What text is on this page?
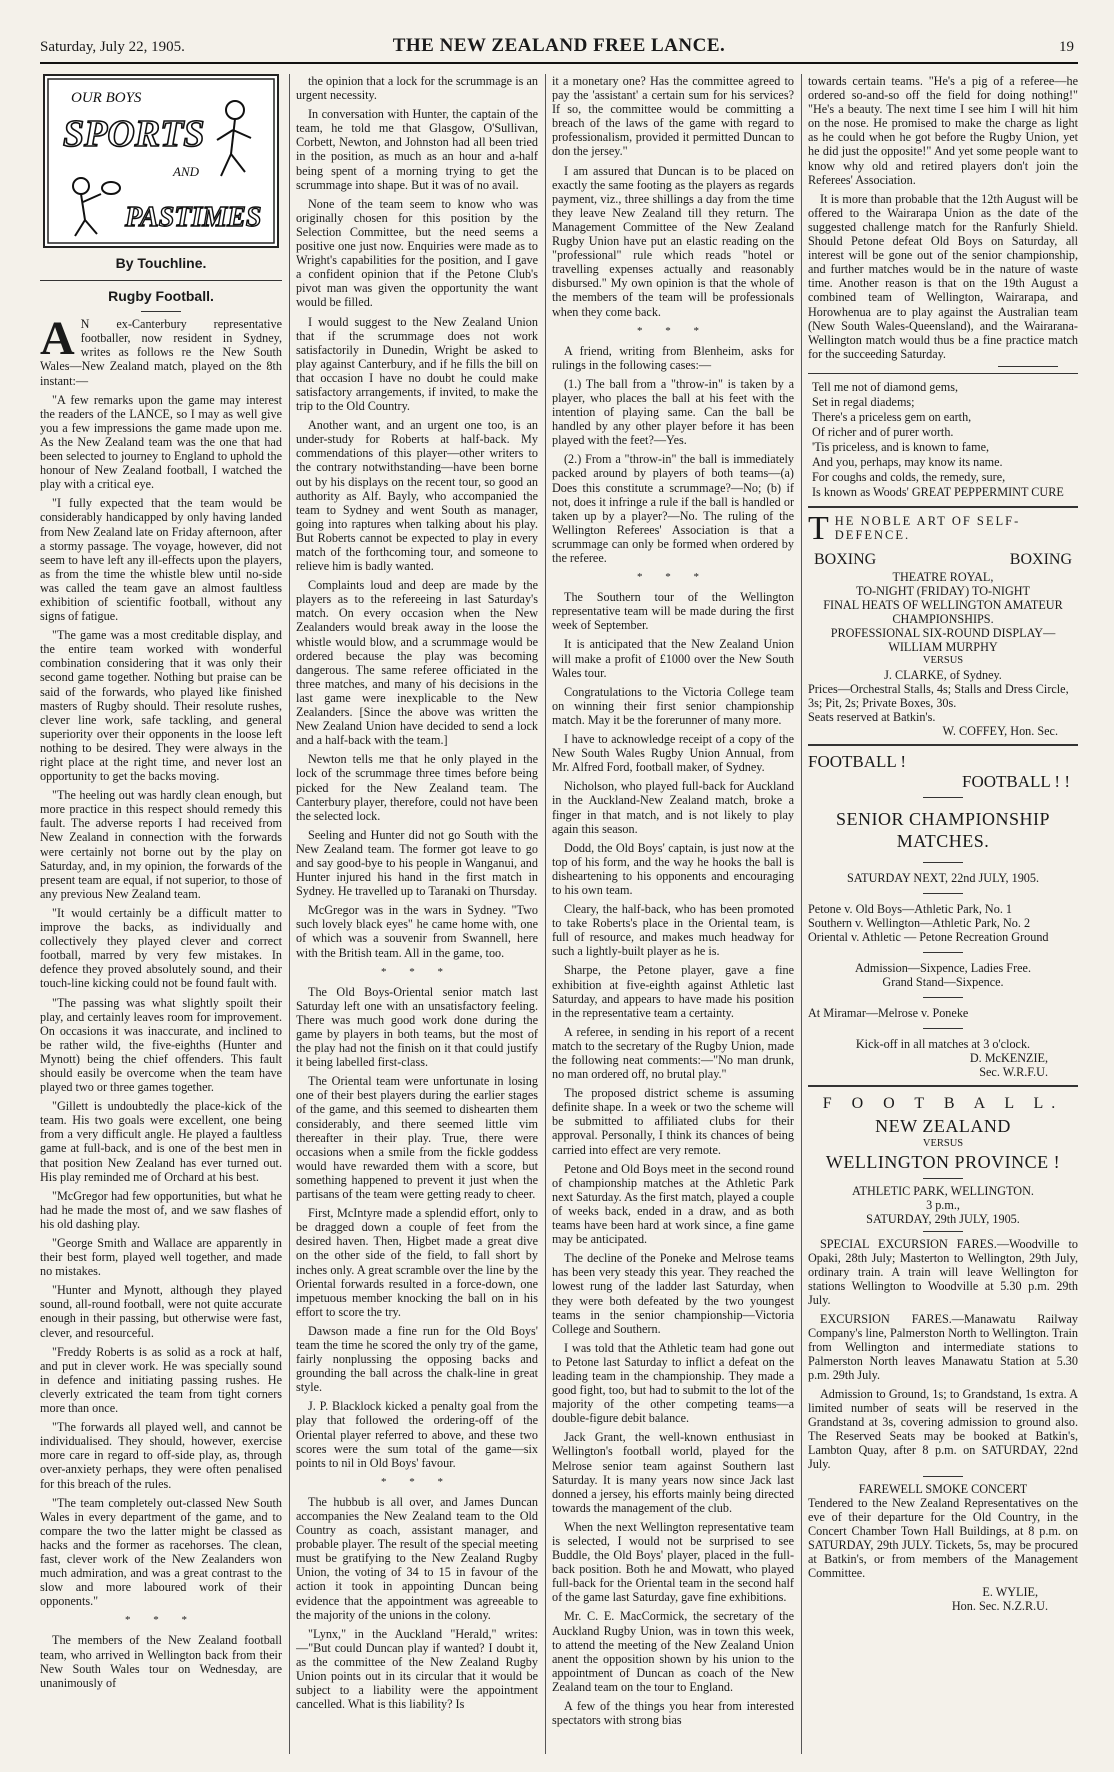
Saturday, July 22, 1905.	THE NEW ZEALAND FREE LANCE.	19
OUR BOYS
SPORTS
AND
PASTIMES
By Touchline.
Rugby Football.

A N ex-Canterbury representative footballer, now resident in Sydney, writes as follows re the New South Wales—New Zealand match, played on the 8th instant:—

"A few remarks upon the game may interest the readers of the LANCE, so I may as well give you a few impressions the game made upon me. As the New Zealand team was the one that had been selected to journey to England to uphold the honour of New Zealand football, I watched the play with a critical eye.

"I fully expected that the team would be considerably handicapped by only having landed from New Zealand late on Friday afternoon, after a stormy passage. The voyage, however, did not seem to have left any ill-effects upon the players, as from the time the whistle blew until no-side was called the team gave an almost faultless exhibition of scientific football, without any signs of fatigue.

"The game was a most creditable display, and the entire team worked with wonderful combination considering that it was only their second game together. Nothing but praise can be said of the forwards, who played like finished masters of Rugby should. Their resolute rushes, clever line work, safe tackling, and general superiority over their opponents in the loose left nothing to be desired. They were always in the right place at the right time, and never lost an opportunity to get the backs moving.

"The heeling out was hardly clean enough, but more practice in this respect should remedy this fault. The adverse reports I had received from New Zealand in connection with the forwards were certainly not borne out by the play on Saturday, and, in my opinion, the forwards of the present team are equal, if not superior, to those of any previous New Zealand team.

"It would certainly be a difficult matter to improve the backs, as individually and collectively they played clever and correct football, marred by very few mistakes. In defence they proved absolutely sound, and their touch-line kicking could not be found fault with.

"The passing was what slightly spoilt their play, and certainly leaves room for improvement. On occasions it was inaccurate, and inclined to be rather wild, the five-eighths (Hunter and Mynott) being the chief offenders. This fault should easily be overcome when the team have played two or three games together.

"Gillett is undoubtedly the place-kick of the team. His two goals were excellent, one being from a very difficult angle. He played a faultless game at full-back, and is one of the best men in that position New Zealand has ever turned out. His play reminded me of Orchard at his best.

"McGregor had few opportunities, but what he had he made the most of, and we saw flashes of his old dashing play.

"George Smith and Wallace are apparently in their best form, played well together, and made no mistakes.

"Hunter and Mynott, although they played sound, all-round football, were not quite accurate enough in their passing, but otherwise were fast, clever, and resourceful.

"Freddy Roberts is as solid as a rock at half, and put in clever work. He was specially sound in defence and initiating passing rushes. He cleverly extricated the team from tight corners more than once.

"The forwards all played well, and cannot be individualised. They should, however, exercise more care in regard to off-side play, as, through over-anxiety perhaps, they were often penalised for this breach of the rules.

"The team completely out-classed New South Wales in every department of the game, and to compare the two the latter might be classed as hacks and the former as racehorses. The clean, fast, clever work of the New Zealanders won much admiration, and was a great contrast to the slow and more laboured work of their opponents."

* * *

The members of the New Zealand football team, who arrived in Wellington back from their New South Wales tour on Wednesday, are unanimously of

the opinion that a lock for the scrummage is an urgent necessity.

In conversation with Hunter, the captain of the team, he told me that Glasgow, O'Sullivan, Corbett, Newton, and Johnston had all been tried in the position, as much as an hour and a-half being spent of a morning trying to get the scrummage into shape. But it was of no avail.

None of the team seem to know who was originally chosen for this position by the Selection Committee, but the need seems a positive one just now. Enquiries were made as to Wright's capabilities for the position, and I gave a confident opinion that if the Petone Club's pivot man was given the opportunity the want would be filled.

I would suggest to the New Zealand Union that if the scrummage does not work satisfactorily in Dunedin, Wright be asked to play against Canterbury, and if he fills the bill on that occasion I have no doubt he could make satisfactory arrangements, if invited, to make the trip to the Old Country.

Another want, and an urgent one too, is an under-study for Roberts at half-back. My commendations of this player—other writers to the contrary notwithstanding—have been borne out by his displays on the recent tour, so good an authority as Alf. Bayly, who accompanied the team to Sydney and went South as manager, going into raptures when talking about his play. But Roberts cannot be expected to play in every match of the forthcoming tour, and someone to relieve him is badly wanted.

Complaints loud and deep are made by the players as to the refereeing in last Saturday's match. On every occasion when the New Zealanders would break away in the loose the whistle would blow, and a scrummage would be ordered because the play was becoming dangerous. The same referee officiated in the three matches, and many of his decisions in the last game were inexplicable to the New Zealanders. [Since the above was written the New Zealand Union have decided to send a lock and a half-back with the team.]

Newton tells me that he only played in the lock of the scrummage three times before being picked for the New Zealand team. The Canterbury player, therefore, could not have been the selected lock.

Seeling and Hunter did not go South with the New Zealand team. The former got leave to go and say good-bye to his people in Wanganui, and Hunter injured his hand in the first match in Sydney. He travelled up to Taranaki on Thursday.

McGregor was in the wars in Sydney. "Two such lovely black eyes" he came home with, one of which was a souvenir from Swannell, here with the British team. All in the game, too.

* * *

The Old Boys-Oriental senior match last Saturday left one with an unsatisfactory feeling. There was much good work done during the game by players in both teams, but the most of the play had not the finish on it that could justify it being labelled first-class.

The Oriental team were unfortunate in losing one of their best players during the earlier stages of the game, and this seemed to dishearten them considerably, and there seemed little vim thereafter in their play. True, there were occasions when a smile from the fickle goddess would have rewarded them with a score, but something happened to prevent it just when the partisans of the team were getting ready to cheer.

First, McIntyre made a splendid effort, only to be dragged down a couple of feet from the desired haven. Then, Higbet made a great dive on the other side of the field, to fall short by inches only. A great scramble over the line by the Oriental forwards resulted in a force-down, one impetuous member knocking the ball on in his effort to score the try.

Dawson made a fine run for the Old Boys' team the time he scored the only try of the game, fairly nonplussing the opposing backs and grounding the ball across the chalk-line in great style.

J. P. Blacklock kicked a penalty goal from the play that followed the ordering-off of the Oriental player referred to above, and these two scores were the sum total of the game—six points to nil in Old Boys' favour.

* * *

The hubbub is all over, and James Duncan accompanies the New Zealand team to the Old Country as coach, assistant manager, and probable player. The result of the special meeting must be gratifying to the New Zealand Rugby Union, the voting of 34 to 15 in favour of the action it took in appointing Duncan being evidence that the appointment was agreeable to the majority of the unions in the colony.

"Lynx," in the Auckland "Herald," writes:—"But could Duncan play if wanted? I doubt it, as the committee of the New Zealand Rugby Union points out in its circular that it would be subject to a liability were the appointment cancelled. What is this liability? Is

it a monetary one? Has the committee agreed to pay the 'assistant' a certain sum for his services? If so, the committee would be committing a breach of the laws of the game with regard to professionalism, provided it permitted Duncan to don the jersey."

I am assured that Duncan is to be placed on exactly the same footing as the players as regards payment, viz., three shillings a day from the time they leave New Zealand till they return. The Management Committee of the New Zealand Rugby Union have put an elastic reading on the "professional" rule which reads "hotel or travelling expenses actually and reasonably disbursed." My own opinion is that the whole of the members of the team will be professionals when they come back.

* * *

A friend, writing from Blenheim, asks for rulings in the following cases:—

(1.) The ball from a "throw-in" is taken by a player, who places the ball at his feet with the intention of playing same. Can the ball be handled by any other player before it has been played with the feet?—Yes.

(2.) From a "throw-in" the ball is immediately packed around by players of both teams—(a) Does this constitute a scrummage?—No; (b) if not, does it infringe a rule if the ball is handled or taken up by a player?—No. The ruling of the Wellington Referees' Association is that a scrummage can only be formed when ordered by the referee.

* * *

The Southern tour of the Wellington representative team will be made during the first week of September.

It is anticipated that the New Zealand Union will make a profit of £1000 over the New South Wales tour.

Congratulations to the Victoria College team on winning their first senior championship match. May it be the forerunner of many more.

I have to acknowledge receipt of a copy of the New South Wales Rugby Union Annual, from Mr. Alfred Ford, football maker, of Sydney.

Nicholson, who played full-back for Auckland in the Auckland-New Zealand match, broke a finger in that match, and is not likely to play again this season.

Dodd, the Old Boys' captain, is just now at the top of his form, and the way he hooks the ball is disheartening to his opponents and encouraging to his own team.

Cleary, the half-back, who has been promoted to take Roberts's place in the Oriental team, is full of resource, and makes much headway for such a lightly-built player as he is.

Sharpe, the Petone player, gave a fine exhibition at five-eighth against Athletic last Saturday, and appears to have made his position in the representative team a certainty.

A referee, in sending in his report of a recent match to the secretary of the Rugby Union, made the following neat comments:—"No man drunk, no man ordered off, no brutal play."

The proposed district scheme is assuming definite shape. In a week or two the scheme will be submitted to affiliated clubs for their approval. Personally, I think its chances of being carried into effect are very remote.

Petone and Old Boys meet in the second round of championship matches at the Athletic Park next Saturday. As the first match, played a couple of weeks back, ended in a draw, and as both teams have been hard at work since, a fine game may be anticipated.

The decline of the Poneke and Melrose teams has been very steady this year. They reached the lowest rung of the ladder last Saturday, when they were both defeated by the two youngest teams in the senior championship—Victoria College and Southern.

I was told that the Athletic team had gone out to Petone last Saturday to inflict a defeat on the leading team in the championship. They made a good fight, too, but had to submit to the lot of the majority of the other competing teams—a double-figure debit balance.

Jack Grant, the well-known enthusiast in Wellington's football world, played for the Melrose senior team against Southern last Saturday. It is many years now since Jack last donned a jersey, his efforts mainly being directed towards the management of the club.

When the next Wellington representative team is selected, I would not be surprised to see Buddle, the Old Boys' player, placed in the full-back position. Both he and Mowatt, who played full-back for the Oriental team in the second half of the game last Saturday, gave fine exhibitions.

Mr. C. E. MacCormick, the secretary of the Auckland Rugby Union, was in town this week, to attend the meeting of the New Zealand Union anent the opposition shown by his union to the appointment of Duncan as coach of the New Zealand team on the tour to England.

A few of the things you hear from interested spectators with strong bias

towards certain teams. "He's a pig of a referee—he ordered so-and-so off the field for doing nothing!" "He's a beauty. The next time I see him I will hit him on the nose. He promised to make the charge as light as he could when he got before the Rugby Union, yet he did just the opposite!" And yet some people want to know why old and retired players don't join the Referees' Association.

It is more than probable that the 12th August will be offered to the Wairarapa Union as the date of the suggested challenge match for the Ranfurly Shield. Should Petone defeat Old Boys on Saturday, all interest will be gone out of the senior championship, and further matches would be in the nature of waste time. Another reason is that on the 19th August a combined team of Wellington, Wairarapa, and Horowhenua are to play against the Australian team (New South Wales-Queensland), and the Wairarana-Wellington match would thus be a fine practice match for the succeeding Saturday.

Tell me not of diamond gems,
Set in regal diadems;
There's a priceless gem on earth,
Of richer and of purer worth.
'Tis priceless, and is known to fame,
And you, perhaps, may know its name.
For coughs and colds, the remedy, sure,
Is known as Woods' GREAT PEPPERMINT CURE
T HE NOBLE ART OF SELF-DEFENCE.
BOXING	BOXING
THEATRE ROYAL,
TO-NIGHT (FRIDAY) TO-NIGHT
FINAL HEATS OF WELLINGTON AMATEUR CHAMPIONSHIPS.
PROFESSIONAL SIX-ROUND DISPLAY—
WILLIAM MURPHY
VERSUS
J. CLARKE, of Sydney.
Prices—Orchestral Stalls, 4s; Stalls and Dress Circle, 3s; Pit, 2s; Private Boxes, 30s.
Seats reserved at Batkin's.
W. COFFEY, Hon. Sec.
FOOTBALL !
FOOTBALL ! !
SENIOR CHAMPIONSHIP
MATCHES.
SATURDAY NEXT, 22nd JULY, 1905.
Petone v. Old Boys—Athletic Park, No. 1
Southern v. Wellington—Athletic Park, No. 2
Oriental v. Athletic — Petone Recreation Ground
Admission—Sixpence, Ladies Free.
Grand Stand—Sixpence.
At Miramar—Melrose v. Poneke
Kick-off in all matches at 3 o'clock.
D. McKENZIE,
Sec. W.R.F.U.
F O O T B A L L.
NEW ZEALAND
VERSUS
WELLINGTON PROVINCE !
ATHLETIC PARK, WELLINGTON.
3 p.m.,
SATURDAY, 29th JULY, 1905.

SPECIAL EXCURSION FARES.—Woodville to Opaki, 28th July; Masterton to Wellington, 29th July, ordinary train. A train will leave Wellington for stations Wellington to Woodville at 5.30 p.m. 29th July.

EXCURSION FARES.—Manawatu Railway Company's line, Palmerston North to Wellington. Train from Wellington and intermediate stations to Palmerston North leaves Manawatu Station at 5.30 p.m. 29th July.

Admission to Ground, 1s; to Grandstand, 1s extra. A limited number of seats will be reserved in the Grandstand at 3s, covering admission to ground also. The Reserved Seats may be booked at Batkin's, Lambton Quay, after 8 p.m. on SATURDAY, 22nd July.

FAREWELL SMOKE CONCERT

Tendered to the New Zealand Representatives on the eve of their departure for the Old Country, in the Concert Chamber Town Hall Buildings, at 8 p.m. on SATURDAY, 29th JULY. Tickets, 5s, may be procured at Batkin's, or from members of the Management Committee.

E. WYLIE,
Hon. Sec. N.Z.R.U.
